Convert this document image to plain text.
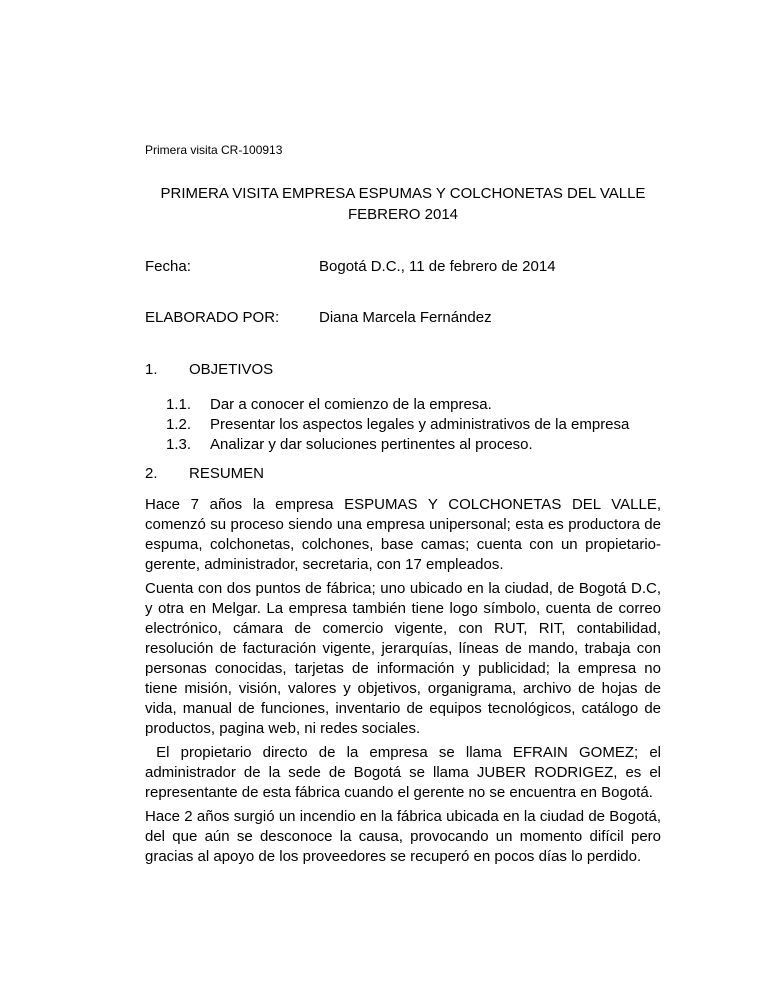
Primera visita CR-100913
PRIMERA VISITA EMPRESA ESPUMAS Y COLCHONETAS DEL VALLE
FEBRERO 2014
Fecha:	Bogotá D.C., 11 de febrero de 2014
ELABORADO POR:	Diana Marcela Fernández
1. OBJETIVOS
1.1. Dar a conocer el comienzo de la empresa.
1.2. Presentar los aspectos legales y administrativos de la empresa
1.3. Analizar y dar soluciones pertinentes al proceso.
2. RESUMEN

Hace 7 años la empresa ESPUMAS Y COLCHONETAS DEL VALLE, comenzó su proceso siendo una empresa unipersonal; esta es productora de espuma, colchonetas, colchones, base camas; cuenta con un propietario-gerente, administrador, secretaria, con 17 empleados.

Cuenta con dos puntos de fábrica; uno ubicado en la ciudad, de Bogotá D.C, y otra en Melgar. La empresa también tiene logo símbolo, cuenta de correo electrónico, cámara de comercio vigente, con RUT, RIT, contabilidad, resolución de facturación vigente, jerarquías, líneas de mando, trabaja con personas conocidas, tarjetas de información y publicidad; la empresa no tiene misión, visión, valores y objetivos, organigrama, archivo de hojas de vida, manual de funciones, inventario de equipos tecnológicos, catálogo de productos, pagina web, ni redes sociales.

El propietario directo de la empresa se llama EFRAIN GOMEZ; el administrador de la sede de Bogotá se llama JUBER RODRIGEZ, es el representante de esta fábrica cuando el gerente no se encuentra en Bogotá.

Hace 2 años surgió un incendio en la fábrica ubicada en la ciudad de Bogotá, del que aún se desconoce la causa, provocando un momento difícil pero gracias al apoyo de los proveedores se recuperó en pocos días lo perdido.
